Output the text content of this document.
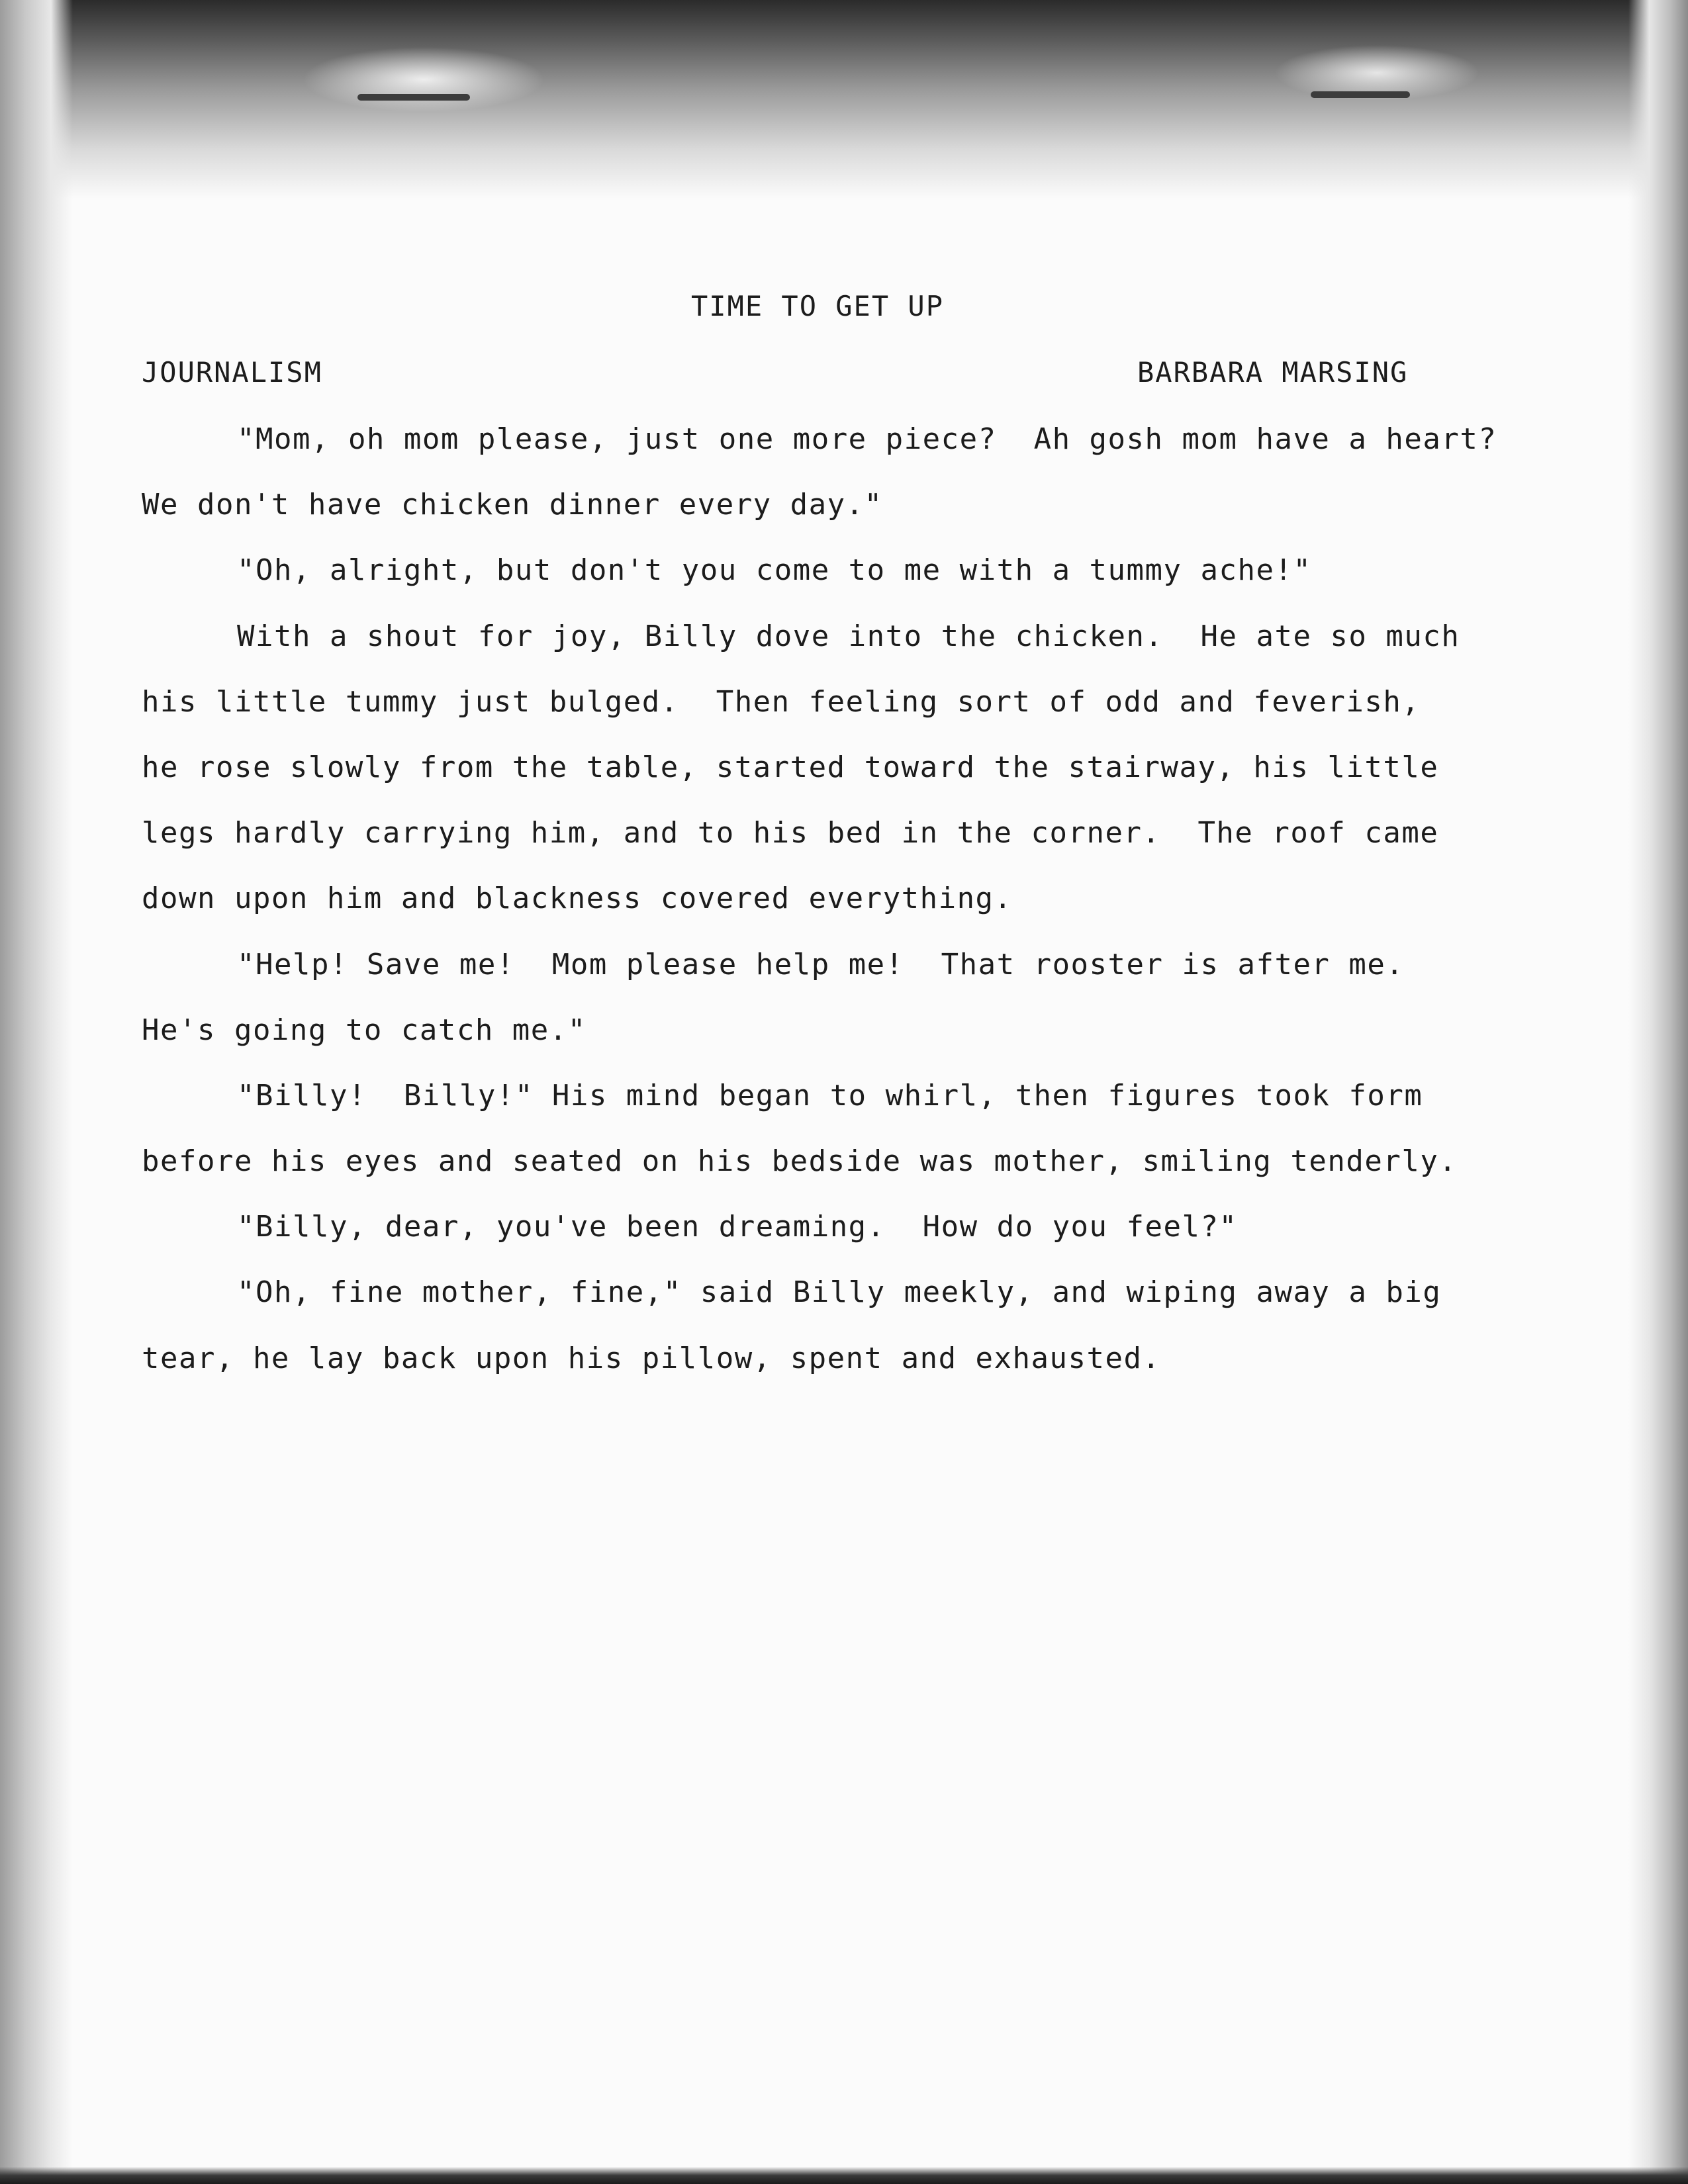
TIME TO GET UP
JOURNALISM	BARBARA MARSING
"Mom, oh mom please, just one more piece?  Ah gosh mom have a heart?
We don't have chicken dinner every day."
"Oh, alright, but don't you come to me with a tummy ache!"
With a shout for joy, Billy dove into the chicken.  He ate so much
his little tummy just bulged.  Then feeling sort of odd and feverish,
he rose slowly from the table, started toward the stairway, his little
legs hardly carrying him, and to his bed in the corner.  The roof came
down upon him and blackness covered everything.
"Help! Save me!  Mom please help me!  That rooster is after me.
He's going to catch me."
"Billy!  Billy!" His mind began to whirl, then figures took form
before his eyes and seated on his bedside was mother, smiling tenderly.
"Billy, dear, you've been dreaming.  How do you feel?"
"Oh, fine mother, fine," said Billy meekly, and wiping away a big
tear, he lay back upon his pillow, spent and exhausted.
